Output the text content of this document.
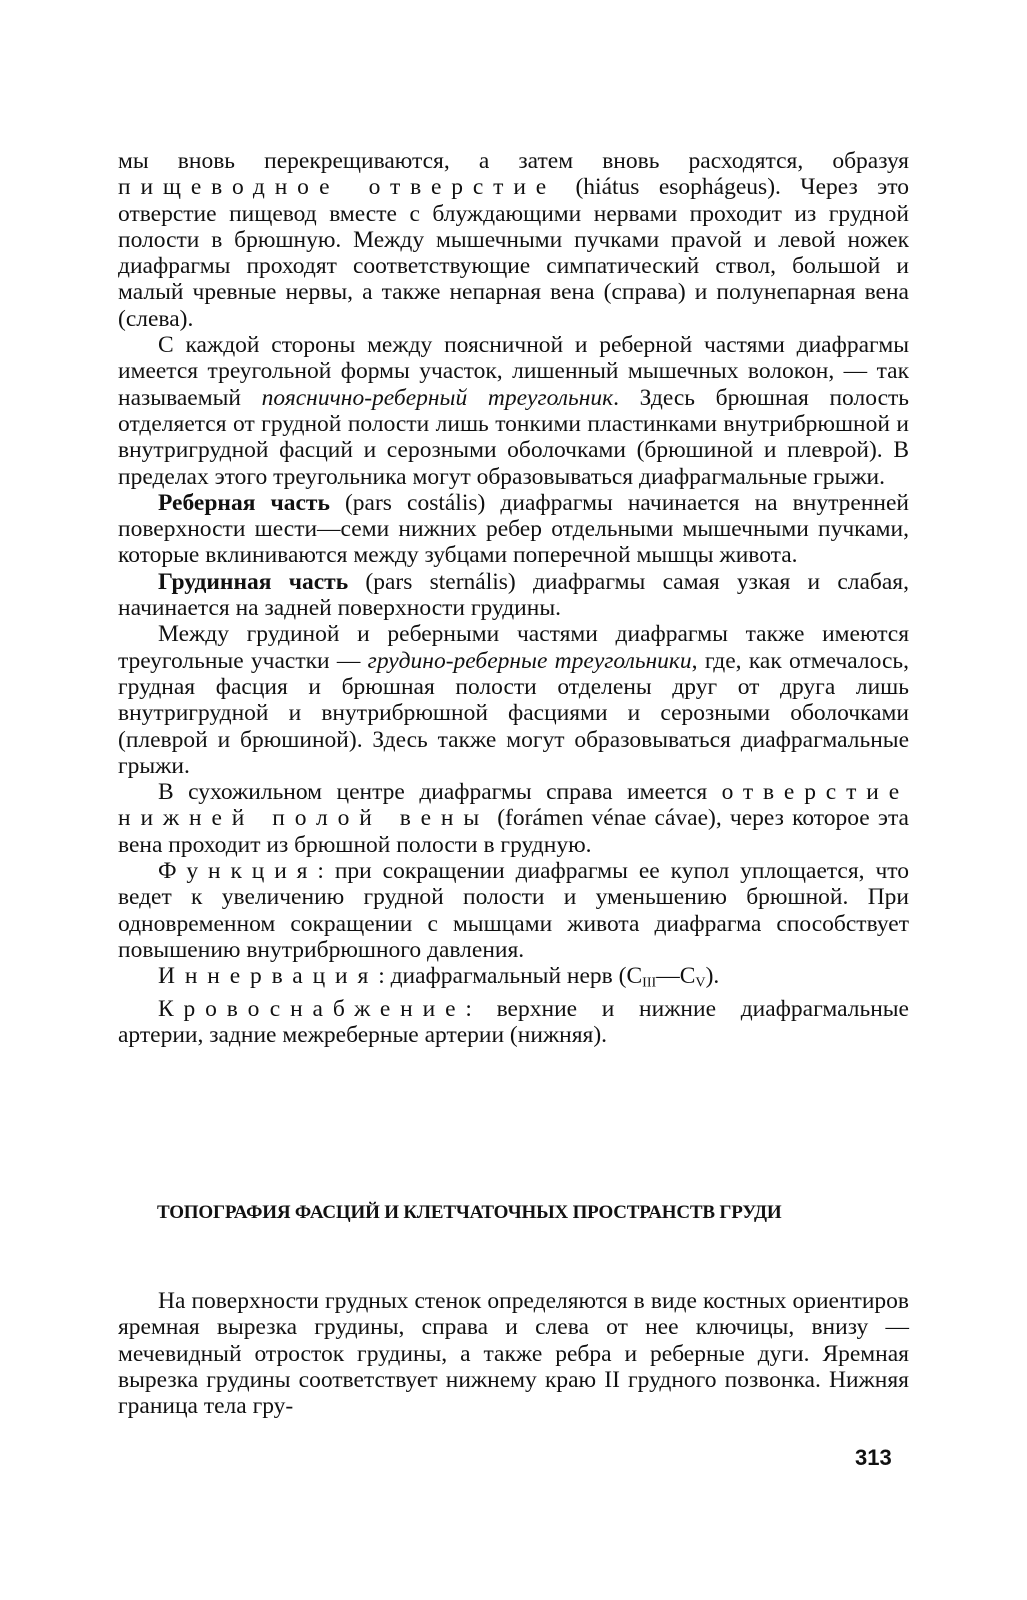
мы вновь перекрещиваются, а затем вновь расходятся, образуя пищеводное отверстие (hiátus esophágeus). Через это отверстие пищевод вместе с блуждающими нервами проходит из грудной полости в брюшную. Между мышечными пучками праvой и левой ножек диафрагмы проходят соответствующие симпатический ствол, большой и малый чревные нервы, а также непарная вена (справа) и полунепарная вена (слева).

С каждой стороны между поясничной и реберной частями диафрагмы имеется треугольной формы участок, лишенный мышечных волокон, — так называемый пояснично-реберный треугольник. Здесь брюшная полость отделяется от грудной полости лишь тонкими пластинками внутрибрюшной и внутригрудной фасций и серозными оболочками (брюшиной и плеврой). В пределах этого треугольника могут образовываться диафрагмальные грыжи.

Реберная часть (pars costális) диафрагмы начинается на внутренней поверхности шести—семи нижних ребер отдельными мышечными пучками, которые вклиниваются между зубцами поперечной мышцы живота.

Грудинная часть (pars sternális) диафрагмы самая узкая и слабая, начинается на задней поверхности грудины.

Между грудиной и реберными частями диафрагмы также имеются треугольные участки — грудино-реберные треугольники, где, как отмечалось, грудная фасция и брюшная полости отделены друг от друга лишь внутригрудной и внутрибрюшной фасциями и серозными оболочками (плеврой и брюшиной). Здесь также могут образовываться диафрагмальные грыжи.

В сухожильном центре диафрагмы справа имеется отверстие нижней полой вены (forámen vénae cávae), через которое эта вена проходит из брюшной полости в грудную.

Функция: при сокращении диафрагмы ее купол уплощается, что ведет к увеличению грудной полости и уменьшению брюшной. При одновременном сокращении с мышцами живота диафрагма способствует повышению внутрибрюшного давления.

Иннервация: диафрагмальный нерв $(C_{III}—C_V)$.

Кровоснабжение: верхние и нижние диафрагмальные артерии, задние межреберные артерии (нижняя).

ТОПОГРАФИЯ ФАСЦИЙ И КЛЕТЧАТОЧНЫХ ПРОСТРАНСТВ ГРУДИ

На поверхности грудных стенок определяются в виде костных ориентиров яремная вырезка грудины, справа и слева от нее ключицы, внизу — мечевидный отросток грудины, а также ребра и реберные дуги. Яремная вырезка грудины соответствует нижнему краю II грудного позвонка. Нижняя граница тела гру-

313
